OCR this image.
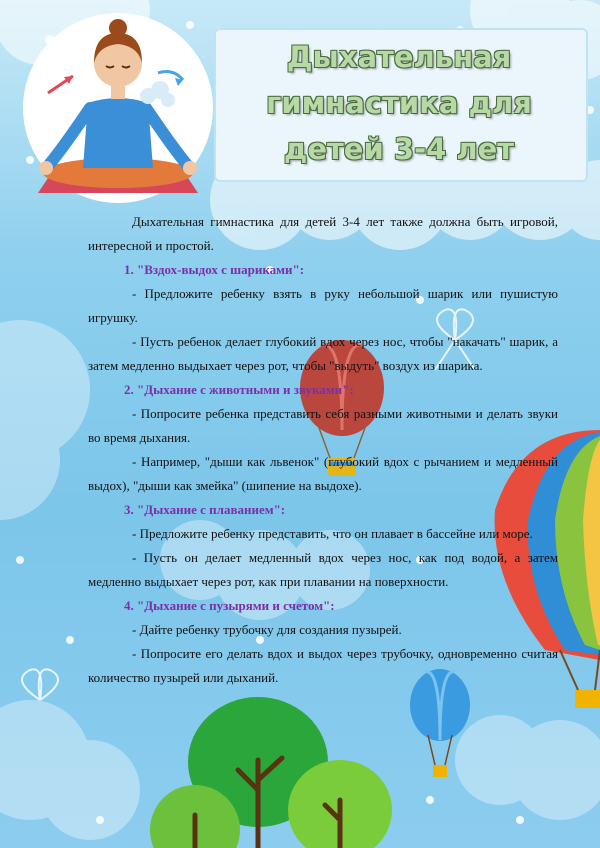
Дыхательная
гимнастика для
детей 3-4 лет

Дыхательная гимнастика для детей 3-4 лет также должна быть игровой, интересной и простой.

1. "Вздох-выдох с шариками":

- Предложите ребенку взять в руку небольшой шарик или пушистую игрушку.

- Пусть ребенок делает глубокий вдох через нос, чтобы "накачать" шарик, а затем медленно выдыхает через рот, чтобы "выдуть" воздух из шарика.

2. "Дыхание с животными и звуками":

- Попросите ребенка представить себя разными животными и делать звуки во время дыхания.

- Например, "дыши как львенок" (глубокий вдох с рычанием и медленный выдох), "дыши как змейка" (шипение на выдохе).

3. "Дыхание с плаванием":

- Предложите ребенку представить, что он плавает в бассейне или море.

- Пусть он делает медленный вдох через нос, как под водой, а затем медленно выдыхает через рот, как при плавании на поверхности.

4. "Дыхание с пузырями и счетом":

- Дайте ребенку трубочку для создания пузырей.

- Попросите его делать вдох и выдох через трубочку, одновременно считая количество пузырей или дыханий.
